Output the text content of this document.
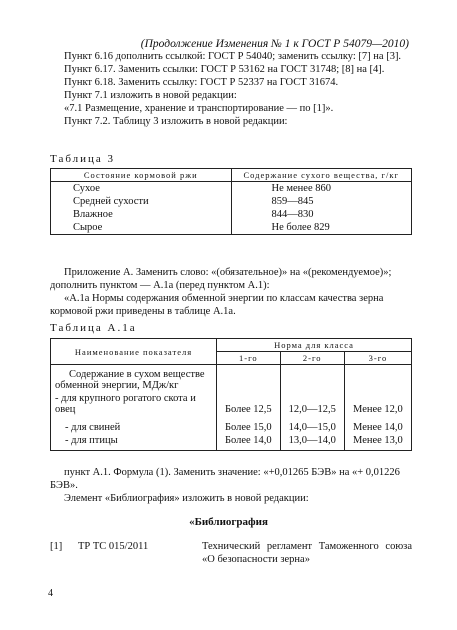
(Продолжение Изменения № 1 к ГОСТ Р 54079—2010)

Пункт 6.16 дополнить ссылкой: ГОСТ Р 54040; заменить ссылку: [7] на [3].

Пункт 6.17. Заменить ссылки: ГОСТ Р 53162 на ГОСТ 31748; [8] на [4].

Пункт 6.18. Заменить ссылку: ГОСТ Р 52337 на ГОСТ 31674.

Пункт 7.1 изложить в новой редакции:

«7.1 Размещение, хранение и транспортирование — по [1]».

Пункт 7.2. Таблицу 3 изложить в новой редакции:

Таблица 3
Состояние кормовой ржи	Содержание сухого вещества, г/кг
Сухое	Не менее 860
Средней сухости	859—845
Влажное	844—830
Сырое	Не более 829

Приложение А. Заменить слово: «(обязательное)» на «(рекомендуемое)»;

дополнить пунктом — А.1а (перед пунктом А.1):

«А.1а Нормы содержания обменной энергии по классам качества зерна кормовой ржи приведены в таблице А.1а.

Таблица А.1а
Наименование показателя	Норма для класса		
	1-го	2-го	3-го
Содержание в сухом веществе обменной энергии, МДж/кг			
- для крупного рогатого скота и овец	Более 12,5	12,0—12,5	Менее 12,0
- для свиней	Более 15,0	14,0—15,0	Менее 14,0
- для птицы	Более 14,0	13,0—14,0	Менее 13,0

пункт А.1. Формула (1). Заменить значение: «+0,01265 БЭВ» на «+ 0,01226 БЭВ».

Элемент «Библиография» изложить в новой редакции:

«Библиография
[1] ТР ТС 015/2011	Технический регламент Таможенного союза «О безопасности зерна»
4
